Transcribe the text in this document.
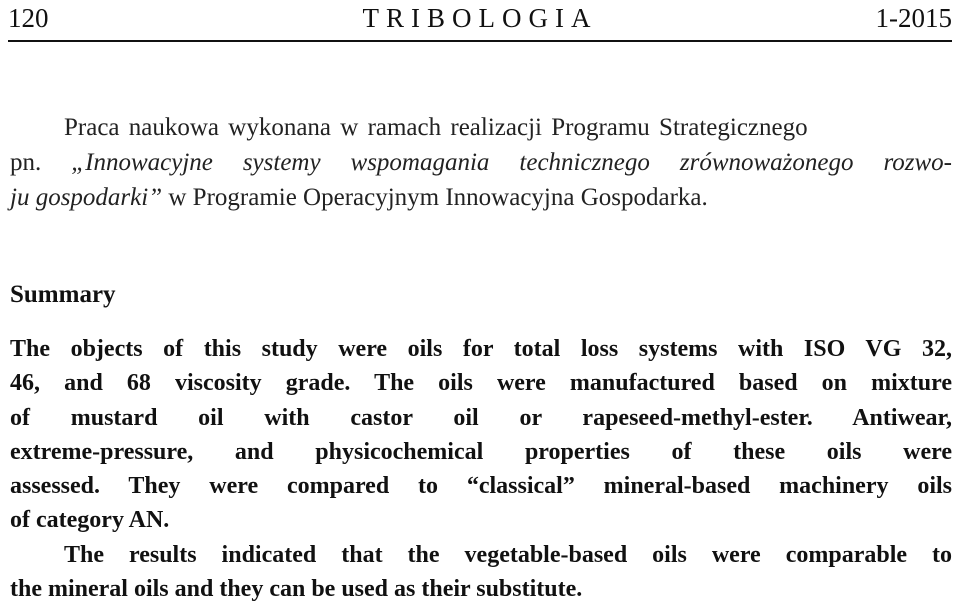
120	TRIBOLOGIA	1-2015
Praca naukowa wykonana w ramach realizacji Programu Strategicznego
pn. „Innowacyjne systemy wspomagania technicznego zrównoważonego rozwo-
ju gospodarki” w Programie Operacyjnym Innowacyjna Gospodarka.
Summary
The objects of this study were oils for total loss systems with ISO VG 32,
46, and 68 viscosity grade. The oils were manufactured based on mixture
of mustard oil with castor oil or rapeseed-methyl-ester. Antiwear,
extreme-pressure, and physicochemical properties of these oils were
assessed. They were compared to “classical” mineral-based machinery oils
of category AN.
The results indicated that the vegetable-based oils were comparable to
the mineral oils and they can be used as their substitute.
